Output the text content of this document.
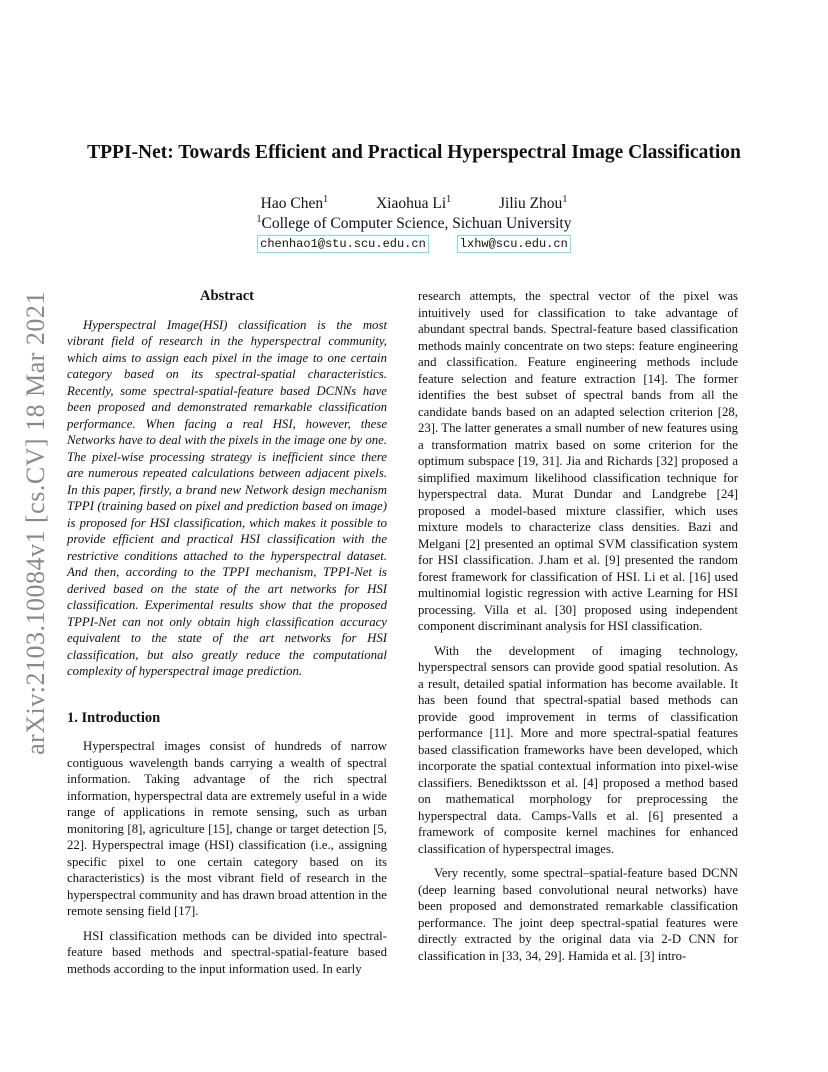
arXiv:2103.10084v1 [cs.CV] 18 Mar 2021
TPPI-Net: Towards Efficient and Practical Hyperspectral Image Classification
Hao Chen$^1$	Xiaohua Li$^1$	Jiliu Zhou$^1$
$^1$College of Computer Science, Sichuan University
chenhao1@stu.scu.edu.cn	lxhw@scu.edu.cn
Abstract

Hyperspectral Image(HSI) classification is the most vibrant field of research in the hyperspectral community, which aims to assign each pixel in the image to one certain category based on its spectral-spatial characteristics. Recently, some spectral-spatial-feature based DCNNs have been proposed and demonstrated remarkable classification performance. When facing a real HSI, however, these Networks have to deal with the pixels in the image one by one. The pixel-wise processing strategy is inefficient since there are numerous repeated calculations between adjacent pixels. In this paper, firstly, a brand new Network design mechanism TPPI (training based on pixel and prediction based on image) is proposed for HSI classification, which makes it possible to provide efficient and practical HSI classification with the restrictive conditions attached to the hyperspectral dataset. And then, according to the TPPI mechanism, TPPI-Net is derived based on the state of the art networks for HSI classification. Experimental results show that the proposed TPPI-Net can not only obtain high classification accuracy equivalent to the state of the art networks for HSI classification, but also greatly reduce the computational complexity of hyperspectral image prediction.

1. Introduction

Hyperspectral images consist of hundreds of narrow contiguous wavelength bands carrying a wealth of spectral information. Taking advantage of the rich spectral information, hyperspectral data are extremely useful in a wide range of applications in remote sensing, such as urban monitoring [8], agriculture [15], change or target detection [5, 22]. Hyperspectral image (HSI) classification (i.e., assigning specific pixel to one certain category based on its characteristics) is the most vibrant field of research in the hyperspectral community and has drawn broad attention in the remote sensing field [17].

HSI classification methods can be divided into spectral-feature based methods and spectral-spatial-feature based methods according to the input information used. In early

research attempts, the spectral vector of the pixel was intuitively used for classification to take advantage of abundant spectral bands. Spectral-feature based classification methods mainly concentrate on two steps: feature engineering and classification. Feature engineering methods include feature selection and feature extraction [14]. The former identifies the best subset of spectral bands from all the candidate bands based on an adapted selection criterion [28, 23]. The latter generates a small number of new features using a transformation matrix based on some criterion for the optimum subspace [19, 31]. Jia and Richards [32] proposed a simplified maximum likelihood classification technique for hyperspectral data. Murat Dundar and Landgrebe [24] proposed a model-based mixture classifier, which uses mixture models to characterize class densities. Bazi and Melgani [2] presented an optimal SVM classification system for HSI classification. J.ham et al. [9] presented the random forest framework for classification of HSI. Li et al. [16] used multinomial logistic regression with active Learning for HSI processing. Villa et al. [30] proposed using independent component discriminant analysis for HSI classification.

With the development of imaging technology, hyperspectral sensors can provide good spatial resolution. As a result, detailed spatial information has become available. It has been found that spectral-spatial based methods can provide good improvement in terms of classification performance [11]. More and more spectral-spatial features based classification frameworks have been developed, which incorporate the spatial contextual information into pixel-wise classifiers. Benediktsson et al. [4] proposed a method based on mathematical morphology for preprocessing the hyperspectral data. Camps-Valls et al. [6] presented a framework of composite kernel machines for enhanced classification of hyperspectral images.

Very recently, some spectral–spatial-feature based DCNN (deep learning based convolutional neural networks) have been proposed and demonstrated remarkable classification performance. The joint deep spectral-spatial features were directly extracted by the original data via 2-D CNN for classification in [33, 34, 29]. Hamida et al. [3] intro-
